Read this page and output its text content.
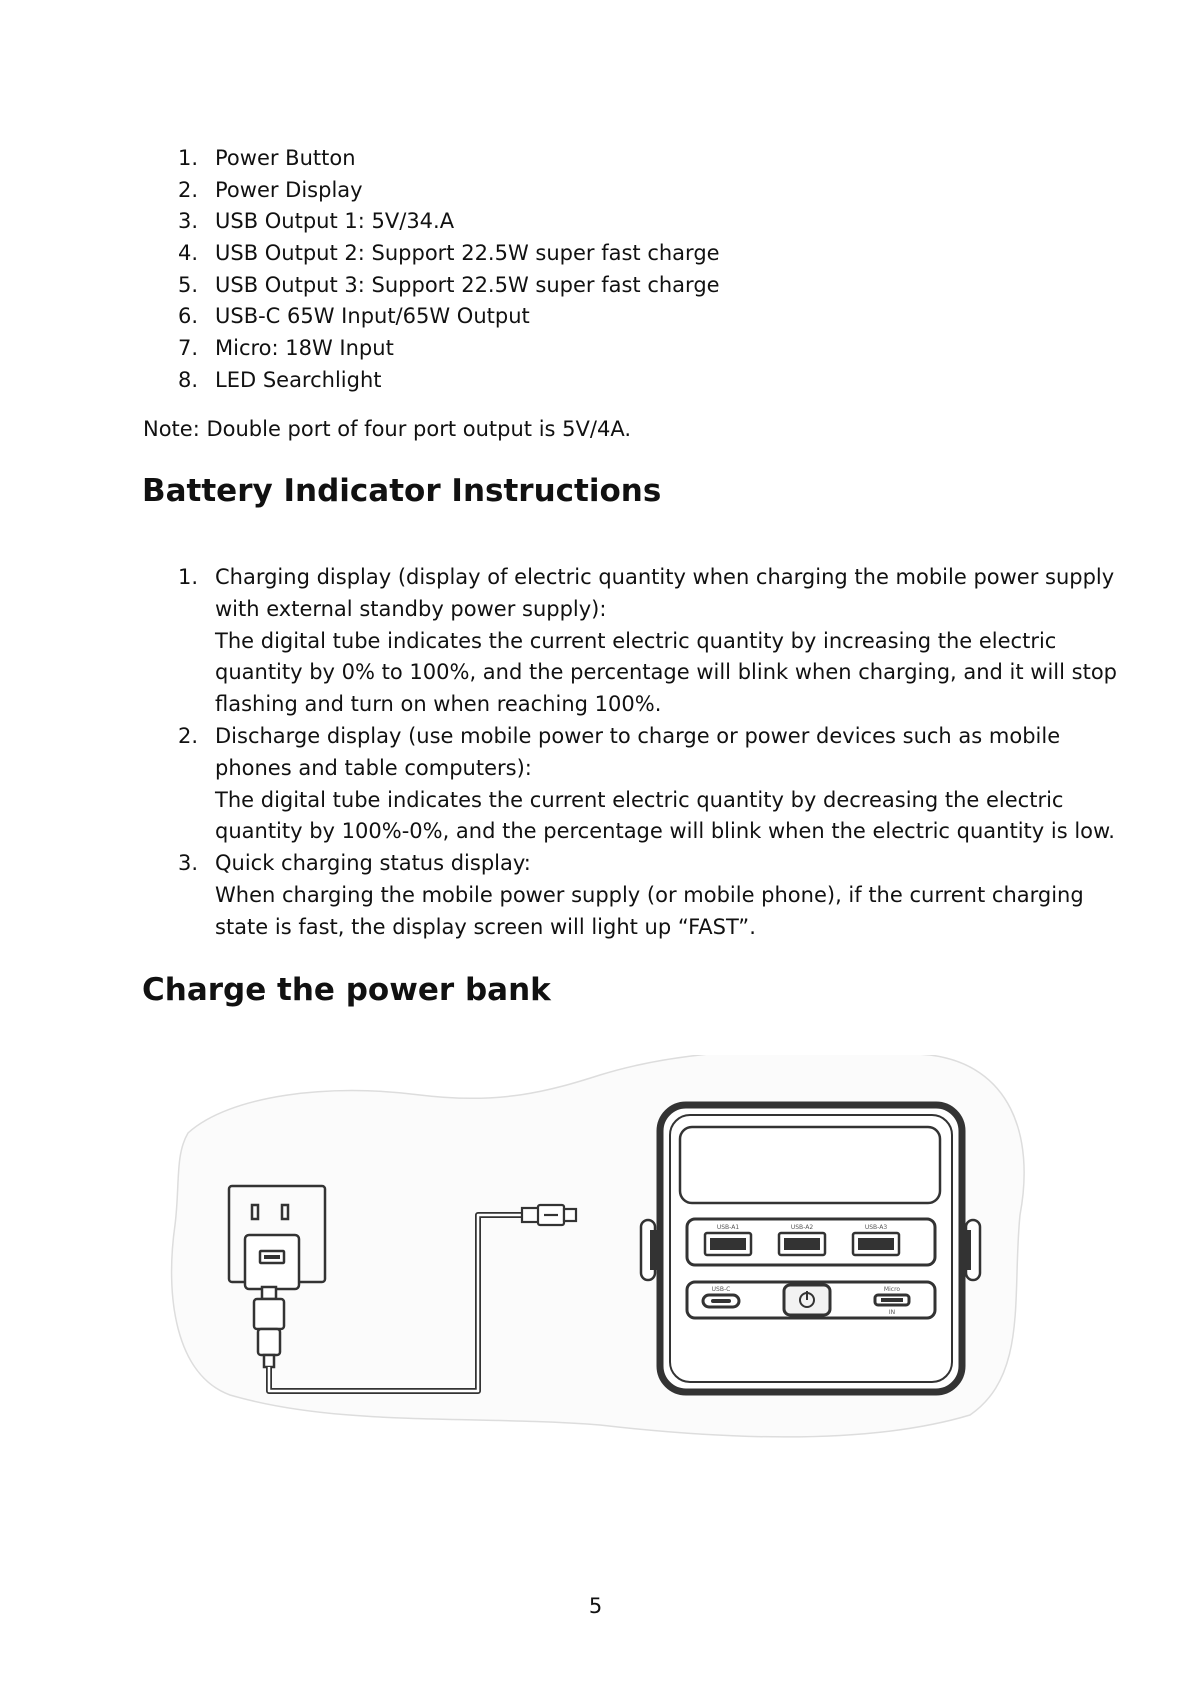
1. Power Button
2. Power Display
3. USB Output 1: 5V/34.A
4. USB Output 2: Support 22.5W super fast charge
5. USB Output 3: Support 22.5W super fast charge
6. USB-C 65W Input/65W Output
7. Micro: 18W Input
8. LED Searchlight
Note: Double port of four port output is 5V/4A.
Battery Indicator Instructions
1. Charging display (display of electric quantity when charging the mobile power supply
with external standby power supply):
The digital tube indicates the current electric quantity by increasing the electric
quantity by 0% to 100%, and the percentage will blink when charging, and it will stop
flashing and turn on when reaching 100%.
2. Discharge display (use mobile power to charge or power devices such as mobile
phones and table computers):
The digital tube indicates the current electric quantity by decreasing the electric
quantity by 100%-0%, and the percentage will blink when the electric quantity is low.
3. Quick charging status display:
When charging the mobile power supply (or mobile phone), if the current charging
state is fast, the display screen will light up “FAST”.
Charge the power bank
USB-A1	USB-A2	USB-A3
USB-C	Micro
IN
5
